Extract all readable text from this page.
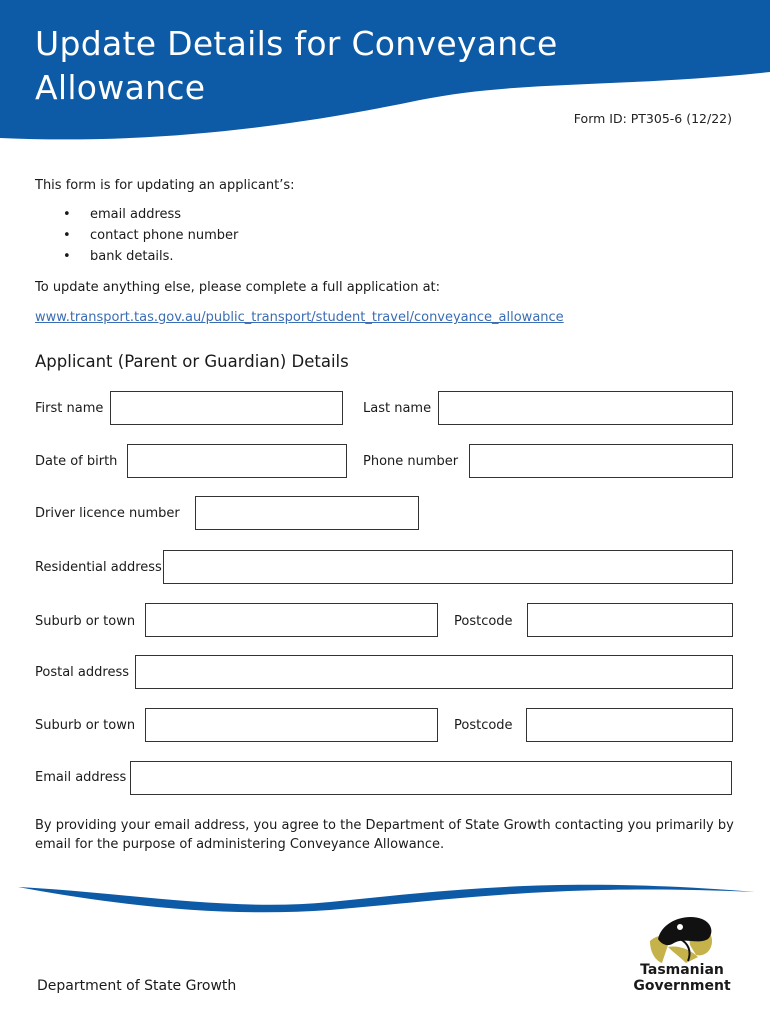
Update Details for Conveyance
Allowance
Form ID: PT305-6 (12/22)
This form is for updating an applicant’s:
• email address
• contact phone number
• bank details.
To update anything else, please complete a full application at:
www.transport.tas.gov.au/public_transport/student_travel/conveyance_allowance
Applicant (Parent or Guardian) Details
First name	Last name
Date of birth	Phone number
Driver licence number
Residential address
Suburb or town	Postcode
Postal address
Suburb or town	Postcode
Email address
By providing your email address, you agree to the Department of State Growth contacting you primarily by email for the purpose of administering Conveyance Allowance.
Department of State Growth
Tasmanian
Government
